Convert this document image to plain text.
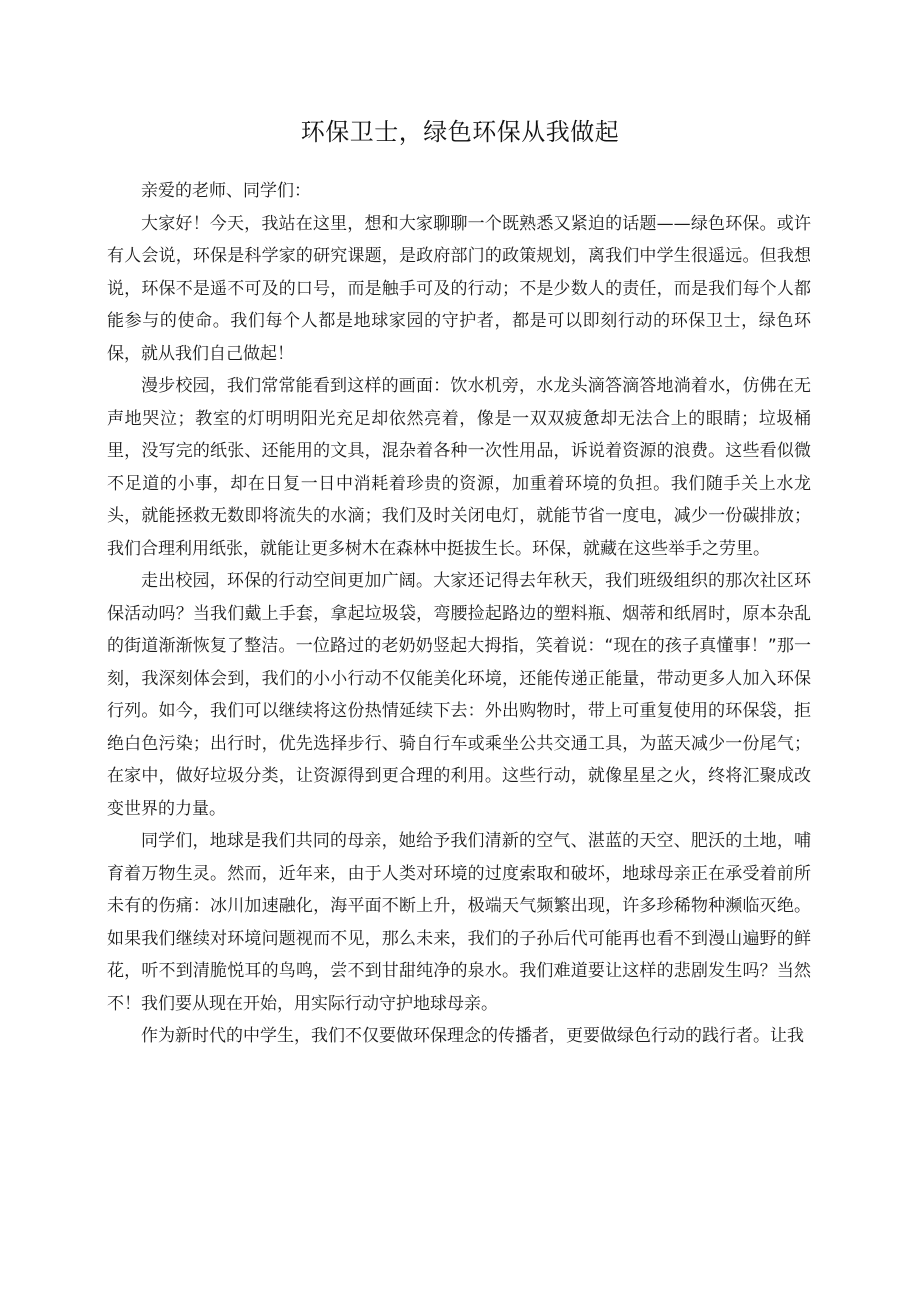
环保卫士，绿色环保从我做起

亲爱的老师、同学们：

大家好！今天，我站在这里，想和大家聊聊一个既熟悉又紧迫的话题——绿色环保。或许有人会说，环保是科学家的研究课题，是政府部门的政策规划，离我们中学生很遥远。但我想说，环保不是遥不可及的口号，而是触手可及的行动；不是少数人的责任，而是我们每个人都能参与的使命。我们每个人都是地球家园的守护者，都是可以即刻行动的环保卫士，绿色环保，就从我们自己做起！

漫步校园，我们常常能看到这样的画面：饮水机旁，水龙头滴答滴答地淌着水，仿佛在无声地哭泣；教室的灯明明阳光充足却依然亮着，像是一双双疲惫却无法合上的眼睛；垃圾桶里，没写完的纸张、还能用的文具，混杂着各种一次性用品，诉说着资源的浪费。这些看似微不足道的小事，却在日复一日中消耗着珍贵的资源，加重着环境的负担。我们随手关上水龙头，就能拯救无数即将流失的水滴；我们及时关闭电灯，就能节省一度电，减少一份碳排放；我们合理利用纸张，就能让更多树木在森林中挺拔生长。环保，就藏在这些举手之劳里。

走出校园，环保的行动空间更加广阔。大家还记得去年秋天，我们班级组织的那次社区环保活动吗？当我们戴上手套，拿起垃圾袋，弯腰捡起路边的塑料瓶、烟蒂和纸屑时，原本杂乱的街道渐渐恢复了整洁。一位路过的老奶奶竖起大拇指，笑着说：“现在的孩子真懂事！”那一刻，我深刻体会到，我们的小小行动不仅能美化环境，还能传递正能量，带动更多人加入环保行列。如今，我们可以继续将这份热情延续下去：外出购物时，带上可重复使用的环保袋，拒绝白色污染；出行时，优先选择步行、骑自行车或乘坐公共交通工具，为蓝天减少一份尾气；在家中，做好垃圾分类，让资源得到更合理的利用。这些行动，就像星星之火，终将汇聚成改变世界的力量。

同学们，地球是我们共同的母亲，她给予我们清新的空气、湛蓝的天空、肥沃的土地，哺育着万物生灵。然而，近年来，由于人类对环境的过度索取和破坏，地球母亲正在承受着前所未有的伤痛：冰川加速融化，海平面不断上升，极端天气频繁出现，许多珍稀物种濒临灭绝。如果我们继续对环境问题视而不见，那么未来，我们的子孙后代可能再也看不到漫山遍野的鲜花，听不到清脆悦耳的鸟鸣，尝不到甘甜纯净的泉水。我们难道要让这样的悲剧发生吗？当然不！我们要从现在开始，用实际行动守护地球母亲。

作为新时代的中学生，我们不仅要做环保理念的传播者，更要做绿色行动的践行者。让我
